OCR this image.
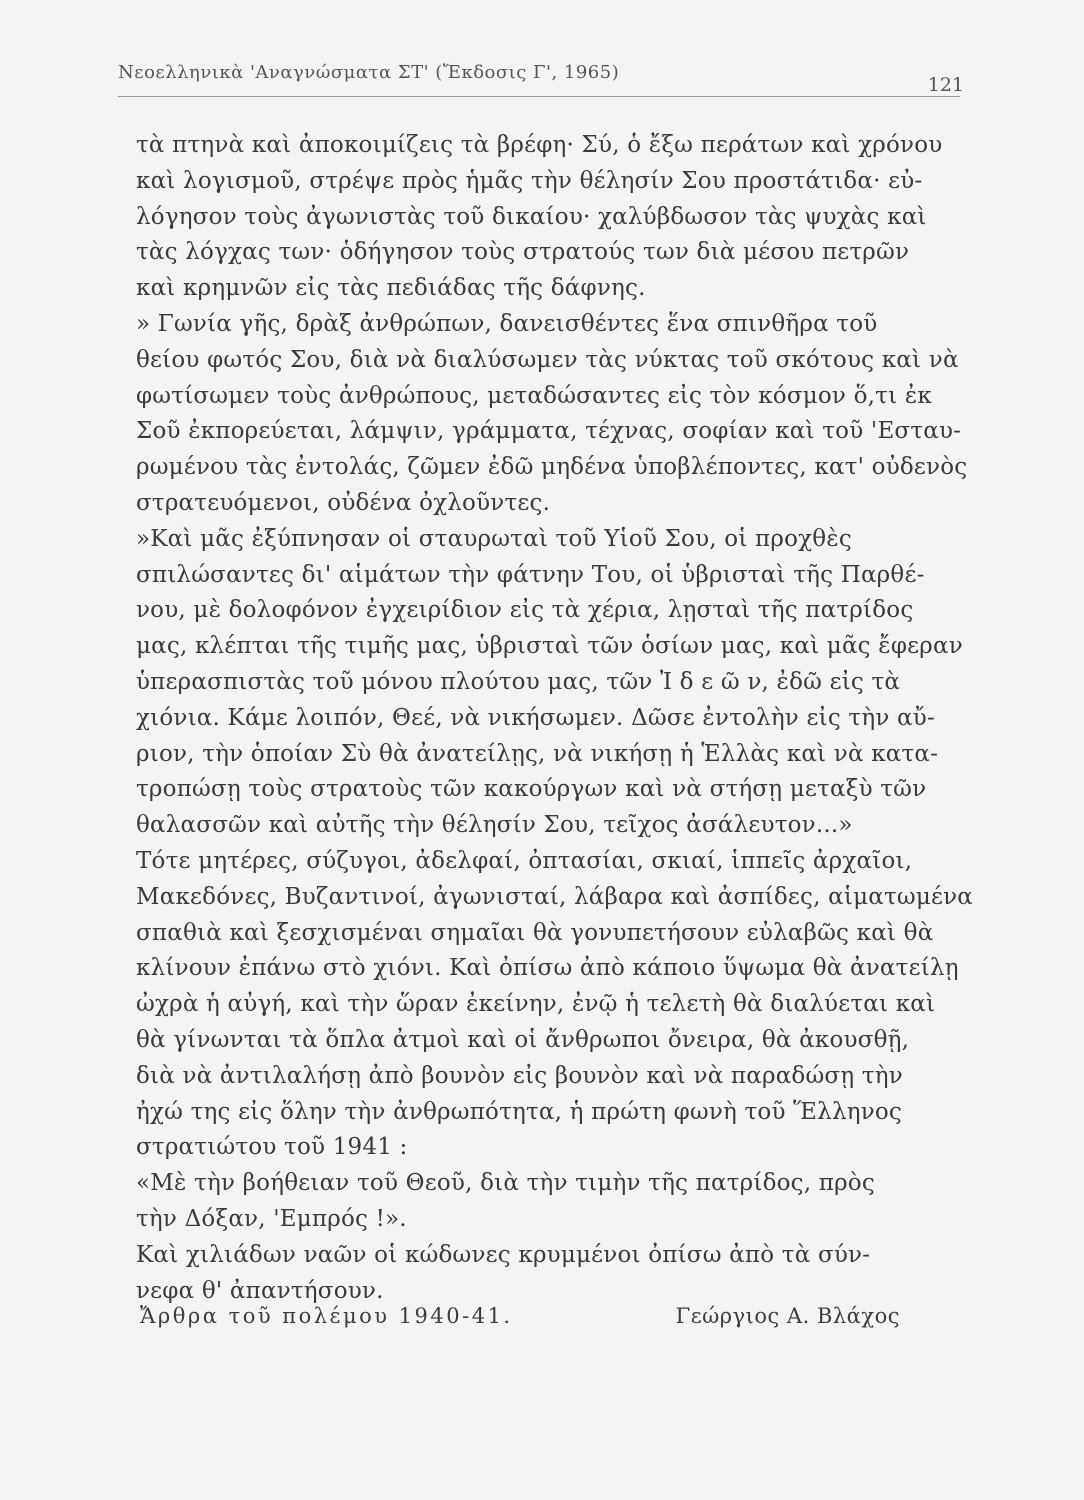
Νεοελληνικὰ 'Αναγνώσματα ΣΤ' (Ἔκδοσις Γ', 1965)
121
τὰ πτηνὰ καὶ ἀποκοιμίζεις τὰ βρέφη· Σύ, ὁ ἔξω περάτων καὶ χρόνου
καὶ λογισμοῦ, στρέψε πρὸς ἡμᾶς τὴν θέλησίν Σου προστάτιδα· εὐ-
λόγησον τοὺς ἀγωνιστὰς τοῦ δικαίου· χαλύβδωσον τὰς ψυχὰς καὶ
τὰς λόγχας των· ὁδήγησον τοὺς στρατούς των διὰ μέσου πετρῶν
καὶ κρημνῶν εἰς τὰς πεδιάδας τῆς δάφνης.
» Γωνία γῆς, δρὰξ ἀνθρώπων, δανεισθέντες ἕνα σπινθῆρα τοῦ
θείου φωτός Σου, διὰ νὰ διαλύσωμεν τὰς νύκτας τοῦ σκότους καὶ νὰ
φωτίσωμεν τοὺς ἀνθρώπους, μεταδώσαντες εἰς τὸν κόσμον ὅ,τι ἐκ
Σοῦ ἐκπορεύεται, λάμψιν, γράμματα, τέχνας, σοφίαν καὶ τοῦ 'Εσταυ-
ρωμένου τὰς ἐντολάς, ζῶμεν ἐδῶ μηδένα ὑποβλέποντες, κατ' οὐδενὸς
στρατευόμενοι, οὐδένα ὀχλοῦντες.
»Καὶ μᾶς ἐξύπνησαν οἱ σταυρωταὶ τοῦ Υἱοῦ Σου, οἱ προχθὲς
σπιλώσαντες δι' αἱμάτων τὴν φάτνην Του, οἱ ὑβρισταὶ τῆς Παρθέ-
νου, μὲ δολοφόνον ἐγχειρίδιον εἰς τὰ χέρια, λῃσταὶ τῆς πατρίδος
μας, κλέπται τῆς τιμῆς μας, ὑβρισταὶ τῶν ὁσίων μας, καὶ μᾶς ἔφεραν
ὑπερασπιστὰς τοῦ μόνου πλούτου μας, τῶν Ἰ δ ε ῶ ν, ἐδῶ εἰς τὰ
χιόνια. Κάμε λοιπόν, Θεέ, νὰ νικήσωμεν. Δῶσε ἐντολὴν εἰς τὴν αὔ-
ριον, τὴν ὁποίαν Σὺ θὰ ἀνατείλῃς, νὰ νικήσῃ ἡ Ἑλλὰς καὶ νὰ κατα-
τροπώσῃ τοὺς στρατοὺς τῶν κακούργων καὶ νὰ στήσῃ μεταξὺ τῶν
θαλασσῶν καὶ αὐτῆς τὴν θέλησίν Σου, τεῖχος ἀσάλευτον...»
Τότε μητέρες, σύζυγοι, ἀδελφαί, ὀπτασίαι, σκιαί, ἱππεῖς ἀρχαῖοι,
Μακεδόνες, Βυζαντινοί, ἀγωνισταί, λάβαρα καὶ ἀσπίδες, αἱματωμένα
σπαθιὰ καὶ ξεσχισμέναι σημαῖαι θὰ γονυπετήσουν εὐλαβῶς καὶ θὰ
κλίνουν ἐπάνω στὸ χιόνι. Καὶ ὀπίσω ἀπὸ κάποιο ὕψωμα θὰ ἀνατείλῃ
ὠχρὰ ἡ αὐγή, καὶ τὴν ὥραν ἐκείνην, ἐνῷ ἡ τελετὴ θὰ διαλύεται καὶ
θὰ γίνωνται τὰ ὅπλα ἀτμοὶ καὶ οἱ ἄνθρωποι ὄνειρα, θὰ ἀκουσθῇ,
διὰ νὰ ἀντιλαλήσῃ ἀπὸ βουνὸν εἰς βουνὸν καὶ νὰ παραδώσῃ τὴν
ἠχώ της εἰς ὅλην τὴν ἀνθρωπότητα, ἡ πρώτη φωνὴ τοῦ Ἕλληνος
στρατιώτου τοῦ 1941 :
«Μὲ τὴν βοήθειαν τοῦ Θεοῦ, διὰ τὴν τιμὴν τῆς πατρίδος, πρὸς
τὴν Δόξαν, 'Εμπρός !».
Καὶ χιλιάδων ναῶν οἱ κώδωνες κρυμμένοι ὀπίσω ἀπὸ τὰ σύν-
νεφα θ' ἀπαντήσουν.
Ἄρθρα τοῦ πολέμου 1940-41.	Γεώργιος Α. Βλάχος
